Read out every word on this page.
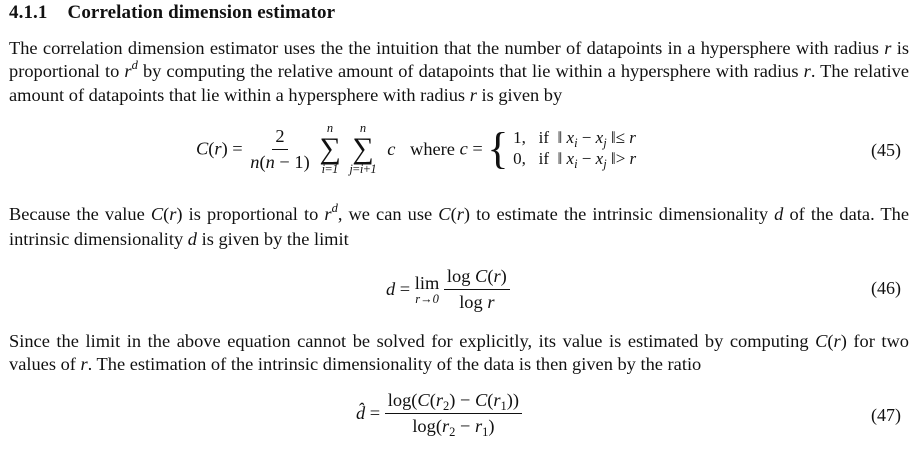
4.1.1 Correlation dimension estimator

The correlation dimension estimator uses the the intuition that the number of datapoints in a hypersphere with radius r is proportional to $r^d$ by computing the relative amount of datapoints that lie within a hypersphere with radius r. The relative amount of datapoints that lie within a hypersphere with radius r is given by

$C(r) = \frac{2}{n(n - 1)}$
n
∑
i=1

n
∑
j=i+1
c where c = { 1, if  ‖ $x_i - x_j$ ‖≤ r
0, if  ‖ $x_i - x_j$ ‖> r	(45)

Because the value C(r) is proportional to $r^d$, we can use C(r) to estimate the intrinsic dimensionality d of the data. The intrinsic dimensionality d is given by the limit

d = lim
r→0
$\frac{\text{log C(r)}}{\text{log r}}$	(46)

Since the limit in the above equation cannot be solved for explicitly, its value is estimated by computing C(r) for two values of r. The estimation of the intrinsic dimensionality of the data is then given by the ratio

d̂ = $\frac{\log(C(r_2) - C(r_1))}{\log(r_2 - r_1)}$	(47)
